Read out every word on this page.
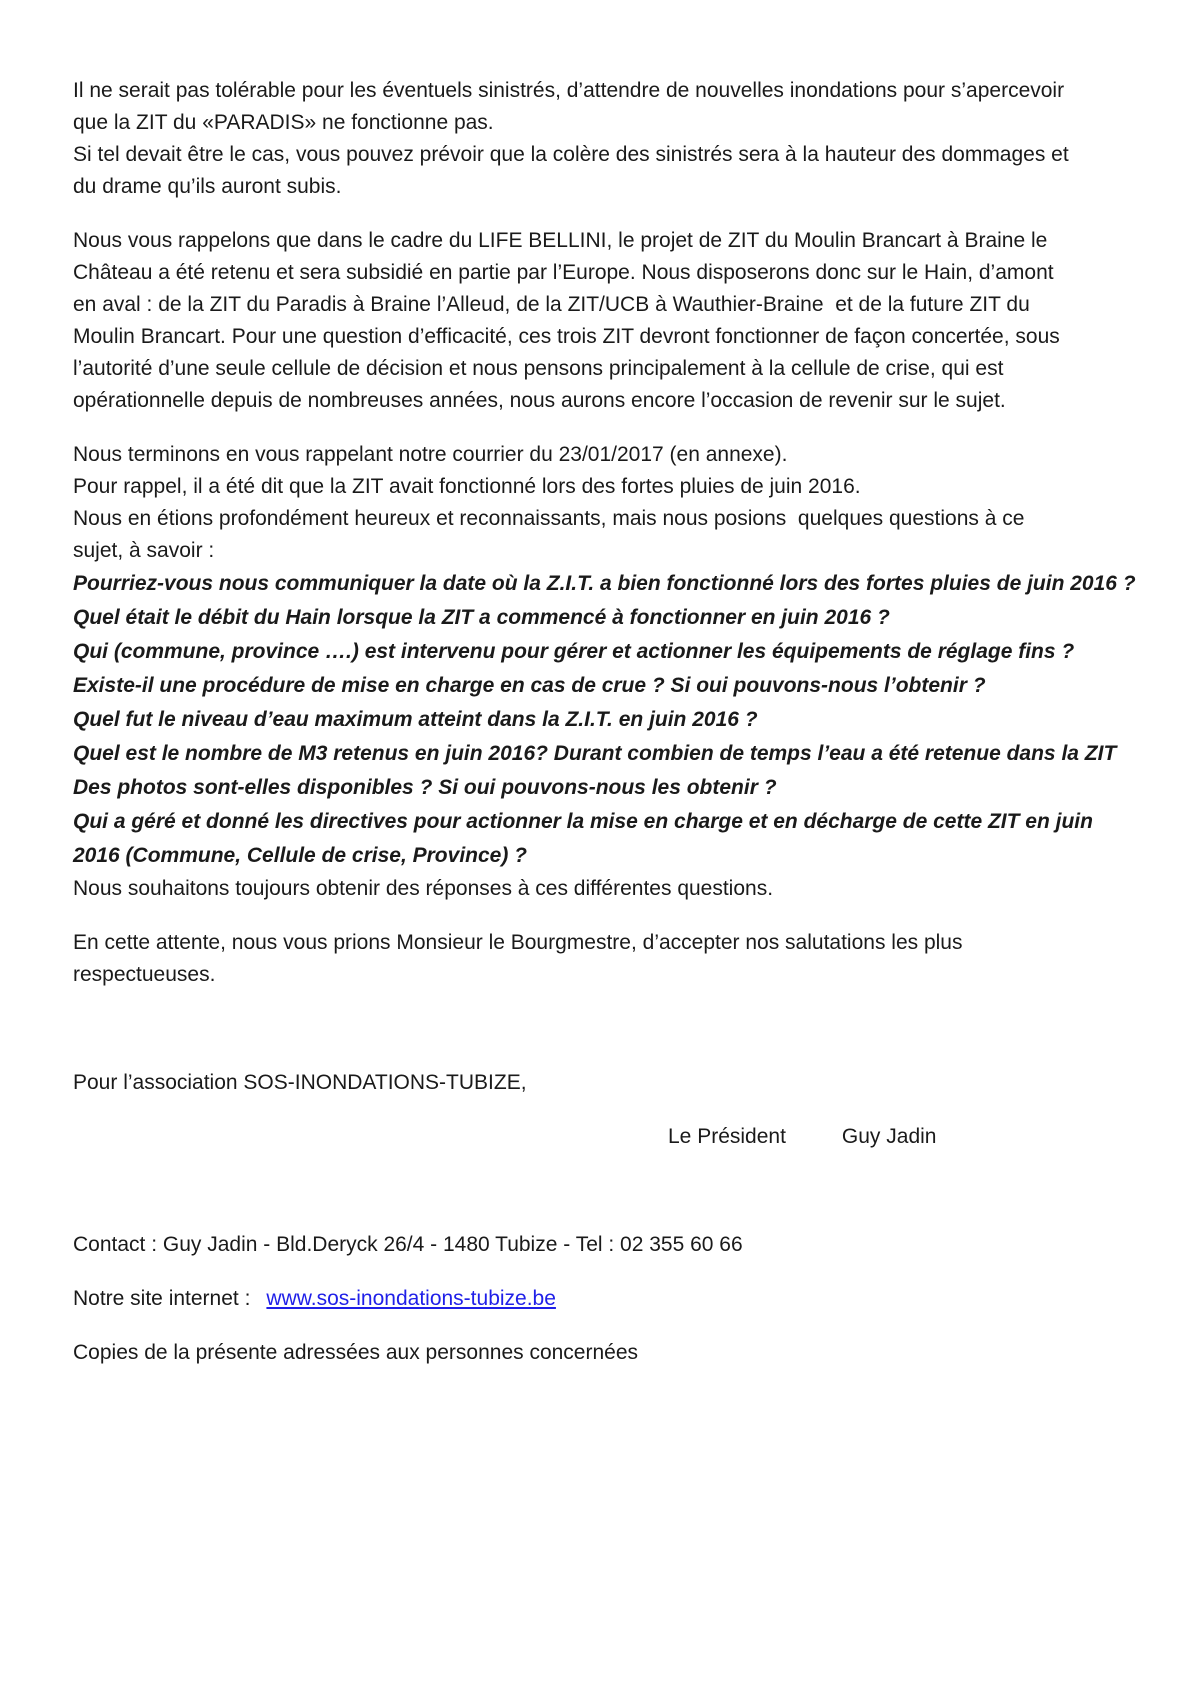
Il ne serait pas tolérable pour les éventuels sinistrés, d’attendre de nouvelles inondations pour s’apercevoir
que la ZIT du «PARADIS» ne fonctionne pas.
Si tel devait être le cas, vous pouvez prévoir que la colère des sinistrés sera à la hauteur des dommages et
du drame qu’ils auront subis.
Nous vous rappelons que dans le cadre du LIFE BELLINI, le projet de ZIT du Moulin Brancart à Braine le
Château a été retenu et sera subsidié en partie par l’Europe. Nous disposerons donc sur le Hain, d’amont
en aval : de la ZIT du Paradis à Braine l’Alleud, de la ZIT/UCB à Wauthier-Braine  et de la future ZIT du
Moulin Brancart. Pour une question d’efficacité, ces trois ZIT devront fonctionner de façon concertée, sous
l’autorité d’une seule cellule de décision et nous pensons principalement à la cellule de crise, qui est
opérationnelle depuis de nombreuses années, nous aurons encore l’occasion de revenir sur le sujet.
Nous terminons en vous rappelant notre courrier du 23/01/2017 (en annexe).
Pour rappel, il a été dit que la ZIT avait fonctionné lors des fortes pluies de juin 2016.
Nous en étions profondément heureux et reconnaissants, mais nous posions  quelques questions à ce
sujet, à savoir :
Pourriez-vous nous communiquer la date où la Z.I.T. a bien fonctionné lors des fortes pluies de juin 2016 ?
Quel était le débit du Hain lorsque la ZIT a commencé à fonctionner en juin 2016 ?
Qui (commune, province ….) est intervenu pour gérer et actionner les équipements de réglage fins ?
Existe-il une procédure de mise en charge en cas de crue ? Si oui pouvons-nous l’obtenir ?
Quel fut le niveau d’eau maximum atteint dans la Z.I.T. en juin 2016 ?
Quel est le nombre de M3 retenus en juin 2016? Durant combien de temps l’eau a été retenue dans la ZIT
Des photos sont-elles disponibles ? Si oui pouvons-nous les obtenir ?
Qui a géré et donné les directives pour actionner la mise en charge et en décharge de cette ZIT en juin
2016 (Commune, Cellule de crise, Province) ?
Nous souhaitons toujours obtenir des réponses à ces différentes questions.
En cette attente, nous vous prions Monsieur le Bourgmestre, d’accepter nos salutations les plus
respectueuses.
Pour l’association SOS-INONDATIONS-TUBIZE,
Le Président	Guy Jadin
Contact : Guy Jadin - Bld.Deryck 26/4 - 1480 Tubize - Tel : 02 355 60 66
Notre site internet : www.sos-inondations-tubize.be
Copies de la présente adressées aux personnes concernées
